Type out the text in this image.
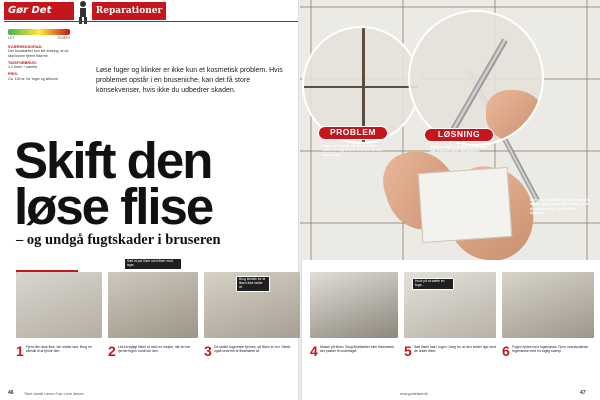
Gør Det	Reparationer
LET	SVÆRT
SVÆRHEDSGRAD:
Det forudsætter kun lidt erfaring, at du skal kunne fjerne fliserne.
TIDSFORBRUG:
1-2 timer + kæntid
PRIS:
Ca. 100 kr. for fuger og silikone.
Løse fuger og klinker er ikke kun et kosmetisk problem. Hvis problemet opstår i en bruseniche, kan det få store konsekvenser, hvis ikke du udbedrer skaden.
Skift den
løse flise
– og undgå fugtskader i bruseren
PROBLEM
Fugen er revnet, så der kommer vand ind bag flisen, som derfor har løsnet sig.
LØSNING
Fliserne fuges på fast, så der ikke kan trænge vand ind bagved.
Det er let at skifte en flise, hvis den sidder løst. Løsner vil skiftes, hvis du har en af de gamle fliser liggende.
Sæt et par fliser med fliser med tape.
Brug kilestik for at flisen ikke falder af.
Husk på at sætte en fuge...
1 Fjern den løse flise, der sidder løst. Brug en kilestik til at fjerne den.	2 Lirk forsigtigt flisen af med en mejsel, når du har fjernet fugen rundt om den.	3 De skidte fugerester fjernes, så flisen er ren. Skrab også resterne af flisemørtel af.	4 Masse på flisen. Brug fliseklæber eller flisemørtel, der passer til underlaget.	5 Sæt flisen fast i fugen. Sørg for, at den sidder lige med de andre fliser.	6 Fugen fyldes med fugemasse. Fjern overskydende fugemasse med en fugtig svamp.
46	Tekst: Anette Larsen Foto: Lene Jensen	www.gordetselv.dk	47
